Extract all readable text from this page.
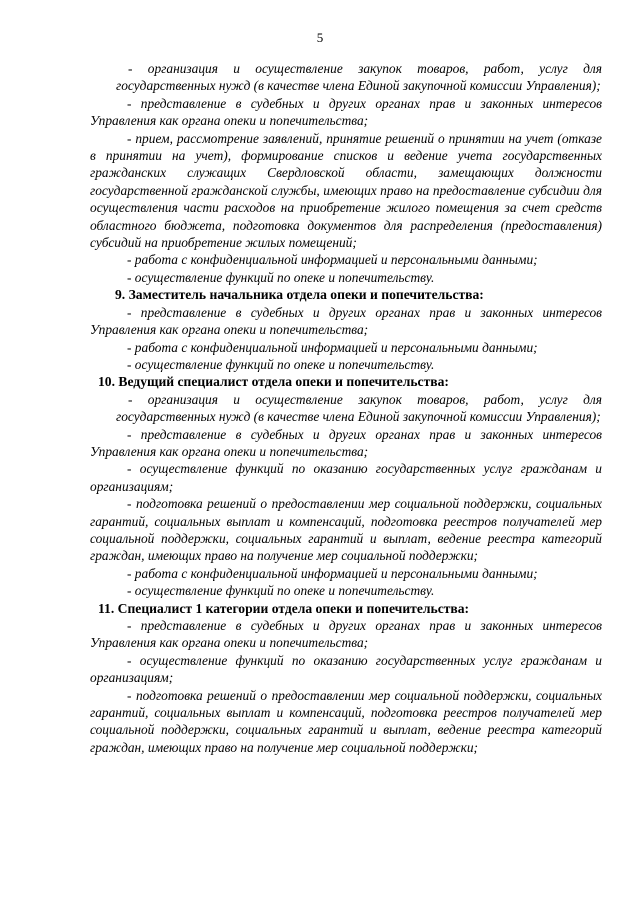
5

- организация и осуществление закупок товаров, работ, услуг для государственных нужд (в качестве члена Единой закупочной комиссии Управления);

- представление в судебных и других органах прав и законных интересов Управления как органа опеки и попечительства;

- прием, рассмотрение заявлений, принятие решений о принятии на учет (отказе в принятии на учет), формирование списков и ведение учета государственных гражданских служащих Свердловской области, замещающих должности государственной гражданской службы, имеющих право на предоставление субсидии для осуществления части расходов на приобретение жилого помещения за счет средств областного бюджета, подготовка документов для распределения (предоставления) субсидий на приобретение жилых помещений;

- работа с конфиденциальной информацией и персональными данными;

- осуществление функций по опеке и попечительству.

9. Заместитель начальника отдела опеки и попечительства:

- представление в судебных и других органах прав и законных интересов Управления как органа опеки и попечительства;

- работа с конфиденциальной информацией и персональными данными;

- осуществление функций по опеке и попечительству.

10. Ведущий специалист отдела опеки и попечительства:

- организация и осуществление закупок товаров, работ, услуг для государственных нужд (в качестве члена Единой закупочной комиссии Управления);

- представление в судебных и других органах прав и законных интересов Управления как органа опеки и попечительства;

- осуществление функций по оказанию государственных услуг гражданам и организациям;

- подготовка решений о предоставлении мер социальной поддержки, социальных гарантий, социальных выплат и компенсаций, подготовка реестров получателей мер социальной поддержки, социальных гарантий и выплат, ведение реестра категорий граждан, имеющих право на получение мер социальной поддержки;

- работа с конфиденциальной информацией и персональными данными;

- осуществление функций по опеке и попечительству.

11. Специалист 1 категории отдела опеки и попечительства:

- представление в судебных и других органах прав и законных интересов Управления как органа опеки и попечительства;

- осуществление функций по оказанию государственных услуг гражданам и организациям;

- подготовка решений о предоставлении мер социальной поддержки, социальных гарантий, социальных выплат и компенсаций, подготовка реестров получателей мер социальной поддержки, социальных гарантий и выплат, ведение реестра категорий граждан, имеющих право на получение мер социальной поддержки;
